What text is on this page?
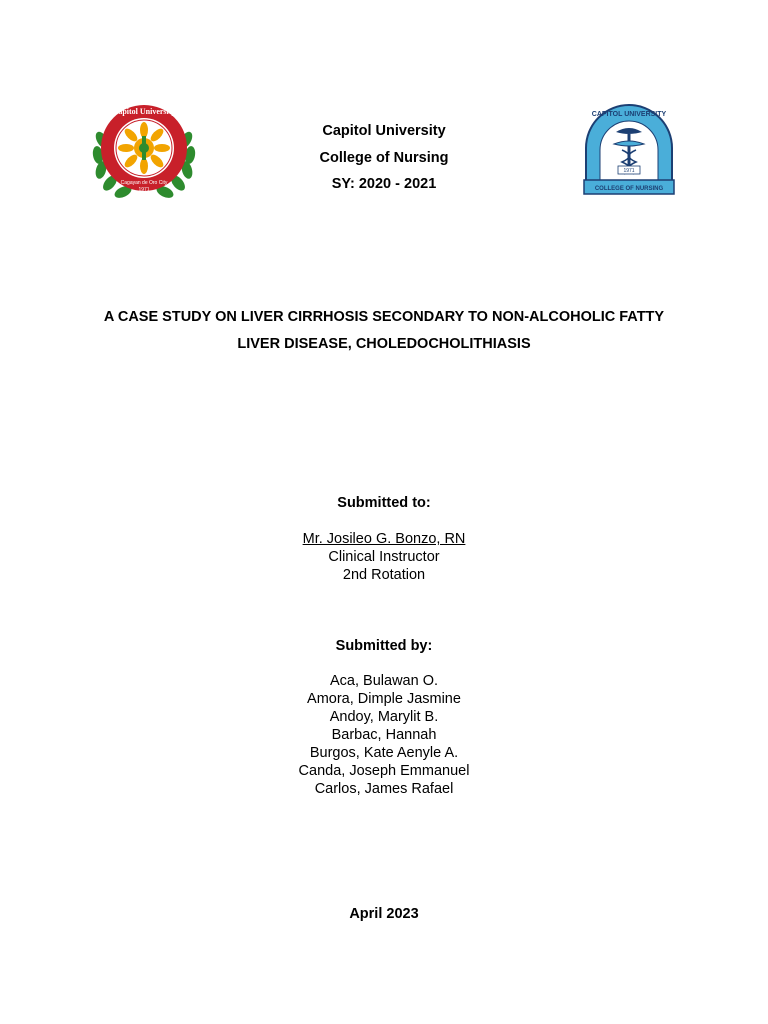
Capitol University
Cagayan de Oro City
1971
1971
CAPITOL UNIVERSITY
COLLEGE OF NURSING
Capitol University
College of Nursing
SY: 2020 - 2021
A CASE STUDY ON LIVER CIRRHOSIS SECONDARY TO NON-ALCOHOLIC FATTY
LIVER DISEASE, CHOLEDOCHOLITHIASIS
Submitted to:
Mr. Josileo G. Bonzo, RN
Clinical Instructor
2nd Rotation
Submitted by:
Aca, Bulawan O.
Amora, Dimple Jasmine
Andoy, Marylit B.
Barbac, Hannah
Burgos, Kate Aenyle A.
Canda, Joseph Emmanuel
Carlos, James Rafael
April 2023
